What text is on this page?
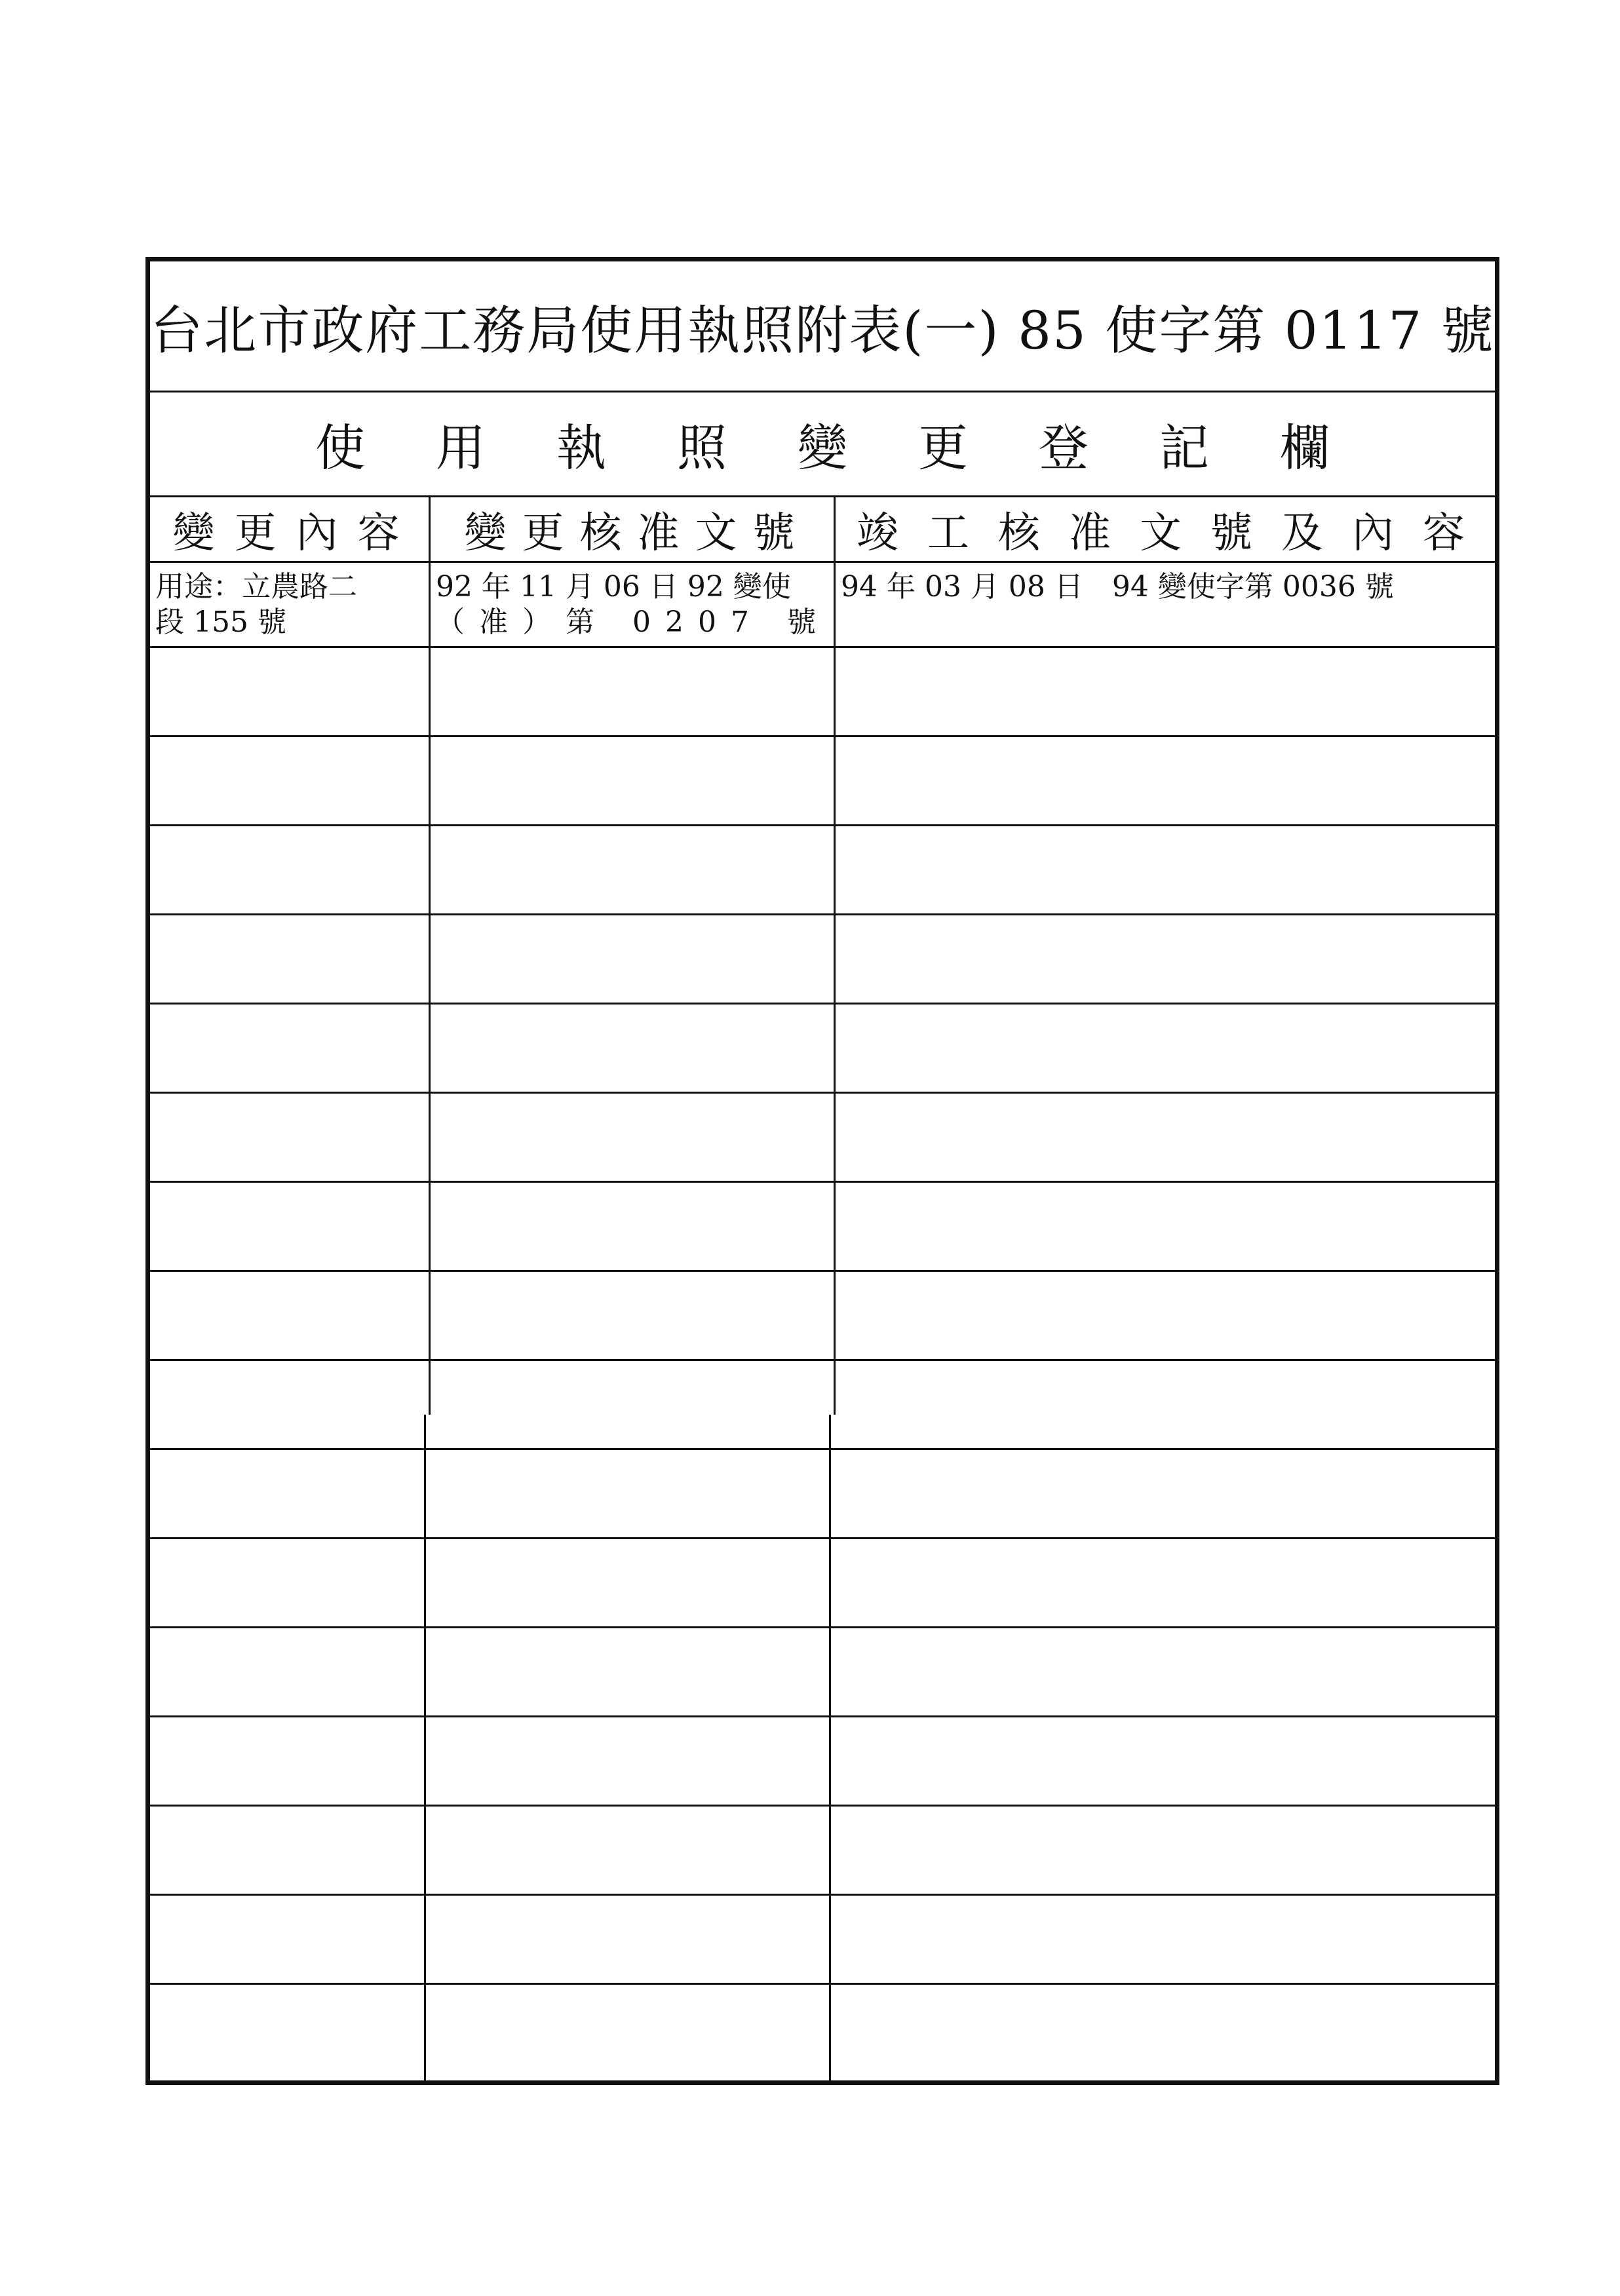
台北市政府工務局使用執照附表(一) 85 使字第 0117 號
使用執照變更登記欄
變更內容	變更核准文號	竣工核准文號及內容
用途：立農路二
段 155 號
92 年 11 月 06 日 92 變使
（准）第 0207 號
94 年 03 月 08 日　94 變使字第 0036 號
